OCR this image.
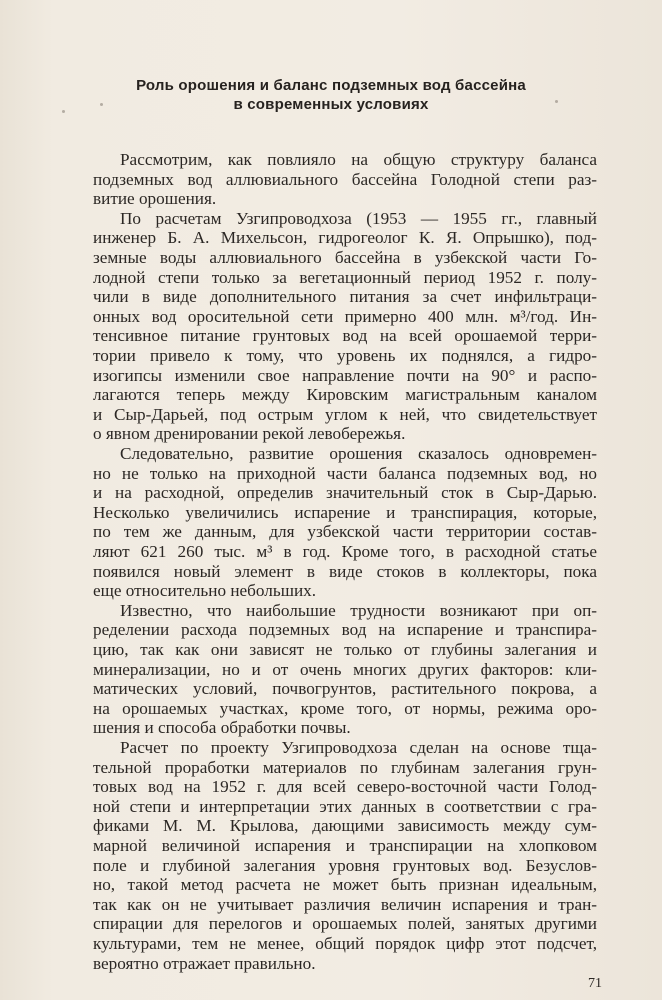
Роль орошения и баланс подземных вод бассейна
в современных условиях

Рассмотрим, как повлияло на общую структуру баланса

подземных вод аллювиального бассейна Голодной степи раз-

витие орошения.

По расчетам Узгипроводхоза (1953 — 1955 гг., главный

инженер Б. А. Михельсон, гидрогеолог К. Я. Опрышко), под-

земные воды аллювиального бассейна в узбекской части Го-

лодной степи только за вегетационный период 1952 г. полу-

чили в виде дополнительного питания за счет инфильтраци-

онных вод оросительной сети примерно 400 млн. м³/год. Ин-

тенсивное питание грунтовых вод на всей орошаемой терри-

тории привело к тому, что уровень их поднялся, а гидро-

изогипсы изменили свое направление почти на 90° и распо-

лагаются теперь между Кировским магистральным каналом

и Сыр-Дарьей, под острым углом к ней, что свидетельствует

о явном дренировании рекой левобережья.

Следовательно, развитие орошения сказалось одновремен-

но не только на приходной части баланса подземных вод, но

и на расходной, определив значительный сток в Сыр-Дарью.

Несколько увеличились испарение и транспирация, которые,

по тем же данным, для узбекской части территории состав-

ляют 621 260 тыс. м³ в год. Кроме того, в расходной статье

появился новый элемент в виде стоков в коллекторы, пока

еще относительно небольших.

Известно, что наибольшие трудности возникают при оп-

ределении расхода подземных вод на испарение и транспира-

цию, так как они зависят не только от глубины залегания и

минерализации, но и от очень многих других факторов: кли-

матических условий, почвогрунтов, растительного покрова, а

на орошаемых участках, кроме того, от нормы, режима оро-

шения и способа обработки почвы.

Расчет по проекту Узгипроводхоза сделан на основе тща-

тельной проработки материалов по глубинам залегания грун-

товых вод на 1952 г. для всей северо-восточной части Голод-

ной степи и интерпретации этих данных в соответствии с гра-

фиками М. М. Крылова, дающими зависимость между сум-

марной величиной испарения и транспирации на хлопковом

поле и глубиной залегания уровня грунтовых вод. Безуслов-

но, такой метод расчета не может быть признан идеальным,

так как он не учитывает различия величин испарения и тран-

спирации для перелогов и орошаемых полей, занятых другими

культурами, тем не менее, общий порядок цифр этот подсчет,

вероятно отражает правильно.

71
